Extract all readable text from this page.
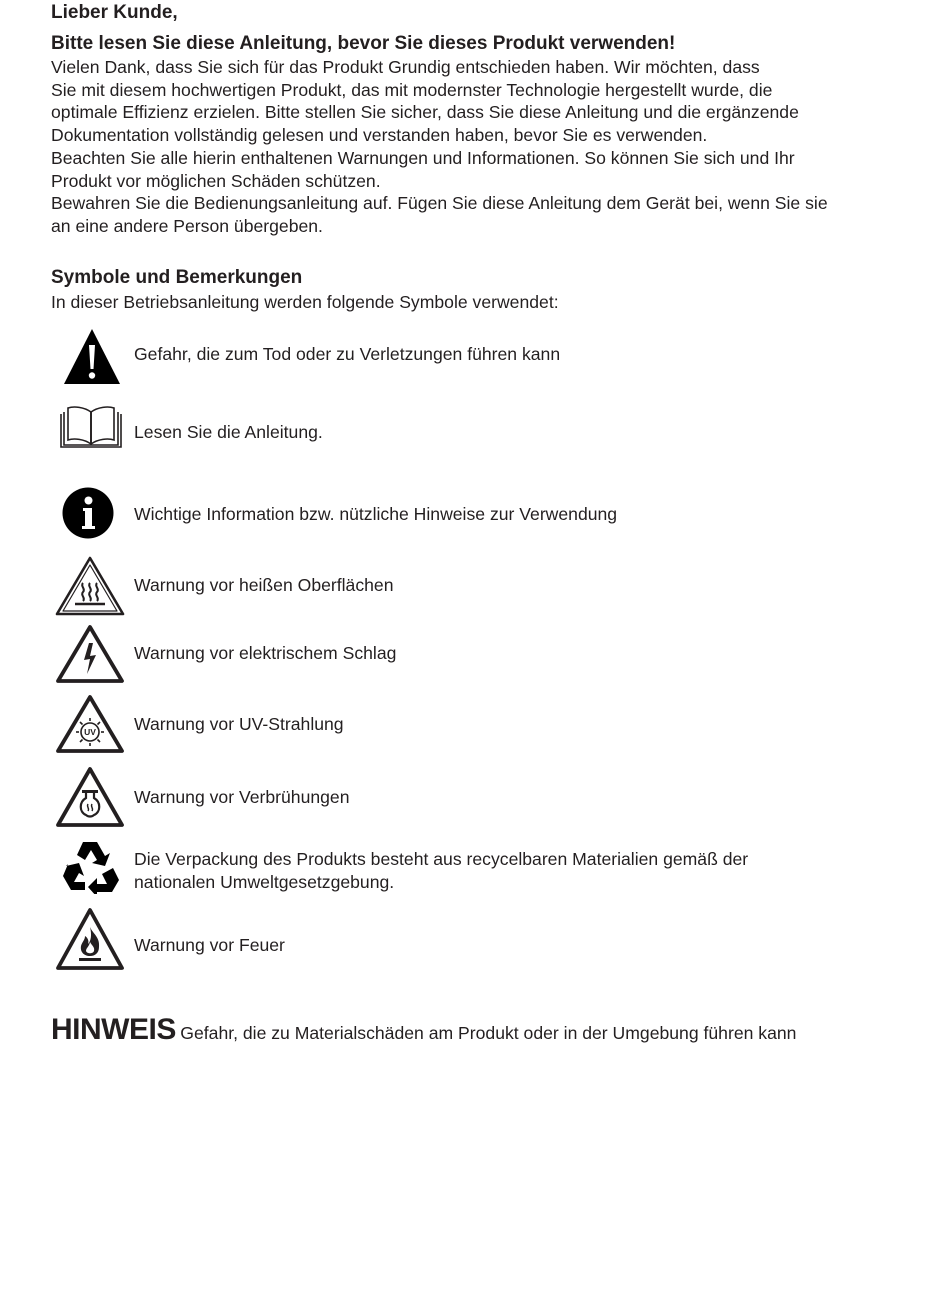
Lieber Kunde,
Bitte lesen Sie diese Anleitung, bevor Sie dieses Produkt verwenden!

Vielen Dank, dass Sie sich für das Produkt Grundig entschieden haben. Wir möchten, dass

Sie mit diesem hochwertigen Produkt, das mit modernster Technologie hergestellt wurde, die

optimale Effizienz erzielen. Bitte stellen Sie sicher, dass Sie diese Anleitung und die ergänzende

Dokumentation vollständig gelesen und verstanden haben, bevor Sie es verwenden.

Beachten Sie alle hierin enthaltenen Warnungen und Informationen. So können Sie sich und Ihr

Produkt vor möglichen Schäden schützen.

Bewahren Sie die Bedienungsanleitung auf. Fügen Sie diese Anleitung dem Gerät bei, wenn Sie sie

an eine andere Person übergeben.

Symbole und Bemerkungen

In dieser Betriebsanleitung werden folgende Symbole verwendet:

Gefahr, die zum Tod oder zu Verletzungen führen kann
Lesen Sie die Anleitung.
Wichtige Information bzw. nützliche Hinweise zur Verwendung
Warnung vor heißen Oberflächen
Warnung vor elektrischem Schlag
UV Warnung vor UV-Strahlung
Warnung vor Verbrühungen
Die Verpackung des Produkts besteht aus recycelbaren Materialien gemäß der
nationalen Umweltgesetzgebung.
Warnung vor Feuer
HINWEIS Gefahr, die zu Materialschäden am Produkt oder in der Umgebung führen kann
